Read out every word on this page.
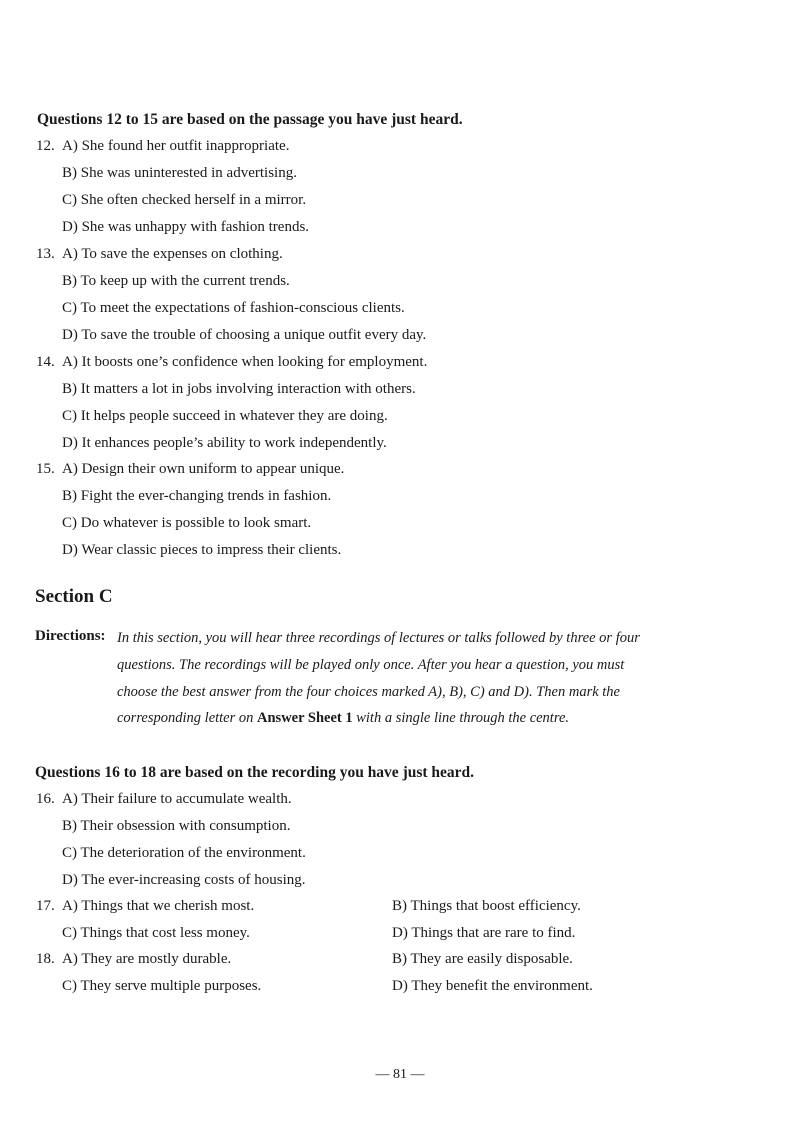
Questions 12 to 15 are based on the passage you have just heard.
12. A) She found her outfit inappropriate.
B) She was uninterested in advertising.
C) She often checked herself in a mirror.
D) She was unhappy with fashion trends.
13. A) To save the expenses on clothing.
B) To keep up with the current trends.
C) To meet the expectations of fashion-conscious clients.
D) To save the trouble of choosing a unique outfit every day.
14. A) It boosts one’s confidence when looking for employment.
B) It matters a lot in jobs involving interaction with others.
C) It helps people succeed in whatever they are doing.
D) It enhances people’s ability to work independently.
15. A) Design their own uniform to appear unique.
B) Fight the ever-changing trends in fashion.
C) Do whatever is possible to look smart.
D) Wear classic pieces to impress their clients.
Section C
Directions: In this section, you will hear three recordings of lectures or talks followed by three or four
questions. The recordings will be played only once. After you hear a question, you must
choose the best answer from the four choices marked A), B), C) and D). Then mark the
corresponding letter on Answer Sheet 1 with a single line through the centre.
Questions 16 to 18 are based on the recording you have just heard.
16. A) Their failure to accumulate wealth.
B) Their obsession with consumption.
C) The deterioration of the environment.
D) The ever-increasing costs of housing.
17. A) Things that we cherish most.	B) Things that boost efficiency.
C) Things that cost less money.	D) Things that are rare to find.
18. A) They are mostly durable.	B) They are easily disposable.
C) They serve multiple purposes.	D) They benefit the environment.
— 81 —
